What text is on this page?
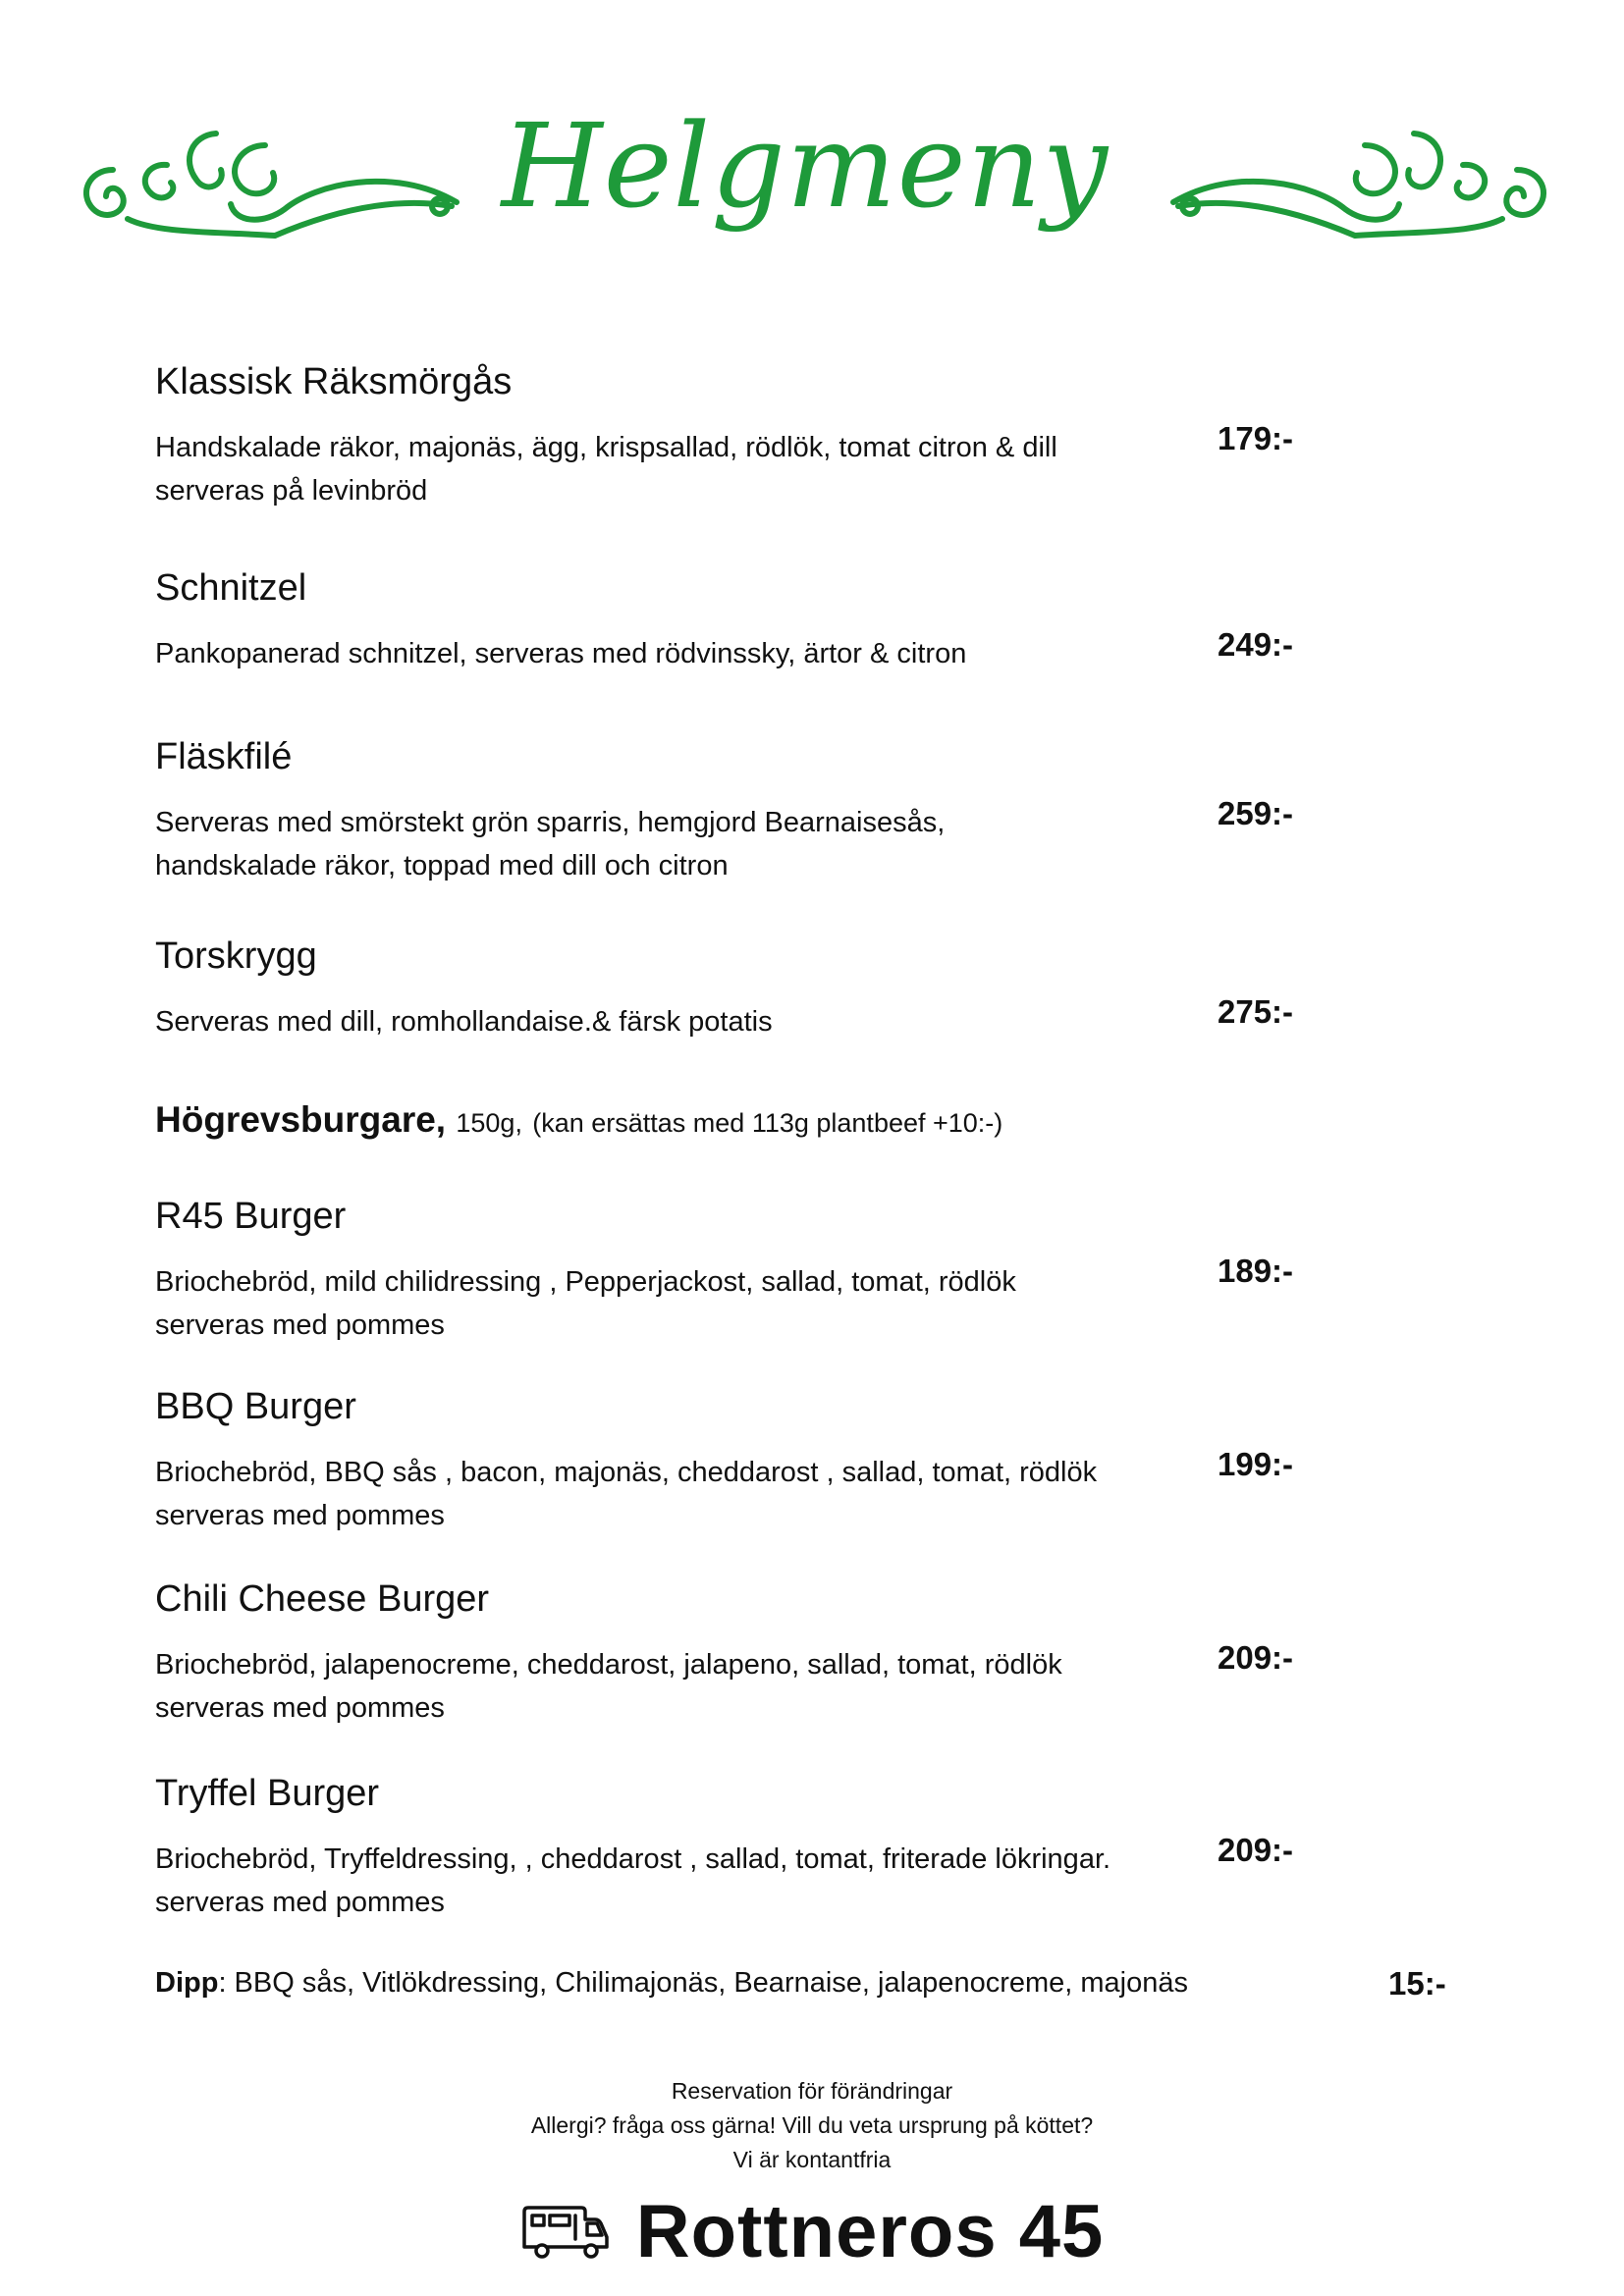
Helgmeny
Klassisk Räksmörgås
Handskalade räkor, majonäs, ägg, krispsallad, rödlök, tomat citron & dill
serveras på levinbröd
179:-
Schnitzel
Pankopanerad schnitzel, serveras med rödvinssky, ärtor & citron	249:-
Fläskfilé
Serveras med smörstekt grön sparris, hemgjord Bearnaisesås,
handskalade räkor, toppad med dill och citron
259:-
Torskrygg
Serveras med dill, romhollandaise.& färsk potatis	275:-
Högrevsburgare, 150g, (kan ersättas med 113g plantbeef +10:-)
R45 Burger
Briochebröd, mild chilidressing , Pepperjackost, sallad, tomat, rödlök
serveras med pommes
189:-
BBQ Burger
Briochebröd, BBQ sås , bacon, majonäs, cheddarost , sallad, tomat, rödlök
serveras med pommes
199:-
Chili Cheese Burger
Briochebröd, jalapenocreme, cheddarost, jalapeno, sallad, tomat, rödlök
serveras med pommes
209:-
Tryffel Burger
Briochebröd, Tryffeldressing, , cheddarost , sallad, tomat, friterade lökringar.
serveras med pommes
209:-
Dipp: BBQ sås, Vitlökdressing, Chilimajonäs, Bearnaise, jalapenocreme, majonäs	15:-
Reservation för förändringar
Allergi? fråga oss gärna! Vill du veta ursprung på köttet?
Vi är kontantfria
Rottneros 45
